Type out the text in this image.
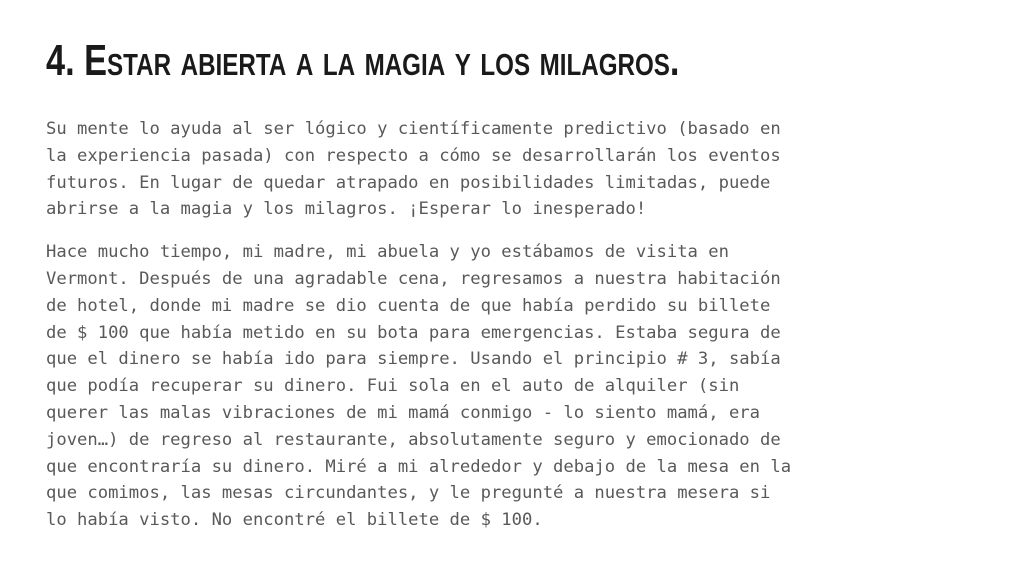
4. Estar abierta a la magia y los milagros.

Su mente lo ayuda al ser lógico y científicamente predictivo (basado en
la experiencia pasada) con respecto a cómo se desarrollarán los eventos
futuros. En lugar de quedar atrapado en posibilidades limitadas, puede
abrirse a la magia y los milagros. ¡Esperar lo inesperado!

Hace mucho tiempo, mi madre, mi abuela y yo estábamos de visita en
Vermont. Después de una agradable cena, regresamos a nuestra habitación
de hotel, donde mi madre se dio cuenta de que había perdido su billete
de $ 100 que había metido en su bota para emergencias. Estaba segura de
que el dinero se había ido para siempre. Usando el principio # 3, sabía
que podía recuperar su dinero. Fui sola en el auto de alquiler (sin
querer las malas vibraciones de mi mamá conmigo - lo siento mamá, era
joven…) de regreso al restaurante, absolutamente seguro y emocionado de
que encontraría su dinero. Miré a mi alrededor y debajo de la mesa en la
que comimos, las mesas circundantes, y le pregunté a nuestra mesera si
lo había visto. No encontré el billete de $ 100.
